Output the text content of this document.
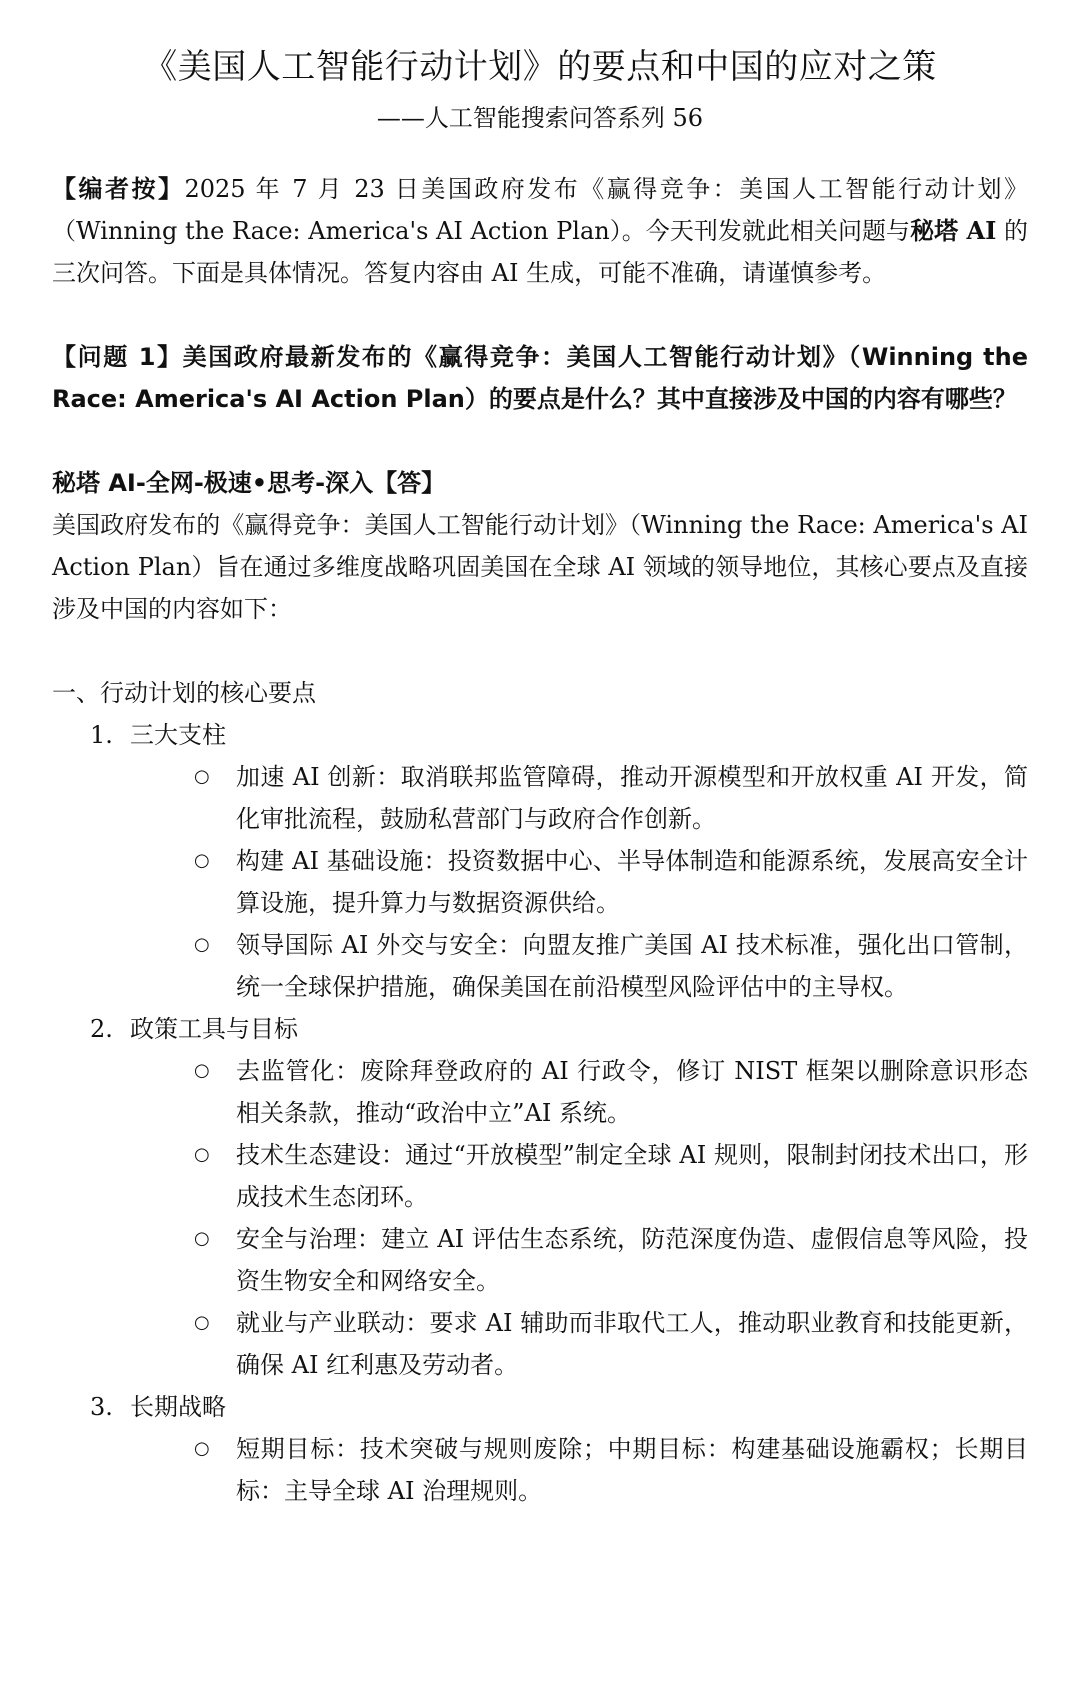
《美国人工智能行动计划》的要点和中国的应对之策
——人工智能搜索问答系列 56

【编者按】2025 年 7 月 23 日美国政府发布《赢得竞争：美国人工智能行动计划》（Winning the Race: America's AI Action Plan）。今天刊发就此相关问题与秘塔 AI 的三次问答。下面是具体情况。答复内容由 AI 生成，可能不准确，请谨慎参考。

【问题 1】美国政府最新发布的《赢得竞争：美国人工智能行动计划》（Winning the Race: America's AI Action Plan）的要点是什么？其中直接涉及中国的内容有哪些？

秘塔 AI-全网-极速•思考-深入【答】

美国政府发布的《赢得竞争：美国人工智能行动计划》（Winning the Race: America's AI Action Plan）旨在通过多维度战略巩固美国在全球 AI 领域的领导地位，其核心要点及直接涉及中国的内容如下：

一、行动计划的核心要点
1. 三大支柱
○ 加速 AI 创新：取消联邦监管障碍，推动开源模型和开放权重 AI 开发，简化审批流程，鼓励私营部门与政府合作创新。
○ 构建 AI 基础设施：投资数据中心、半导体制造和能源系统，发展高安全计算设施，提升算力与数据资源供给。
○ 领导国际 AI 外交与安全：向盟友推广美国 AI 技术标准，强化出口管制，统一全球保护措施，确保美国在前沿模型风险评估中的主导权。
2. 政策工具与目标
○ 去监管化：废除拜登政府的 AI 行政令，修订 NIST 框架以删除意识形态相关条款，推动“政治中立”AI 系统。
○ 技术生态建设：通过“开放模型”制定全球 AI 规则，限制封闭技术出口，形成技术生态闭环。
○ 安全与治理：建立 AI 评估生态系统，防范深度伪造、虚假信息等风险，投资生物安全和网络安全。
○ 就业与产业联动：要求 AI 辅助而非取代工人，推动职业教育和技能更新，确保 AI 红利惠及劳动者。
3. 长期战略
○ 短期目标：技术突破与规则废除；中期目标：构建基础设施霸权；长期目标：主导全球 AI 治理规则。
